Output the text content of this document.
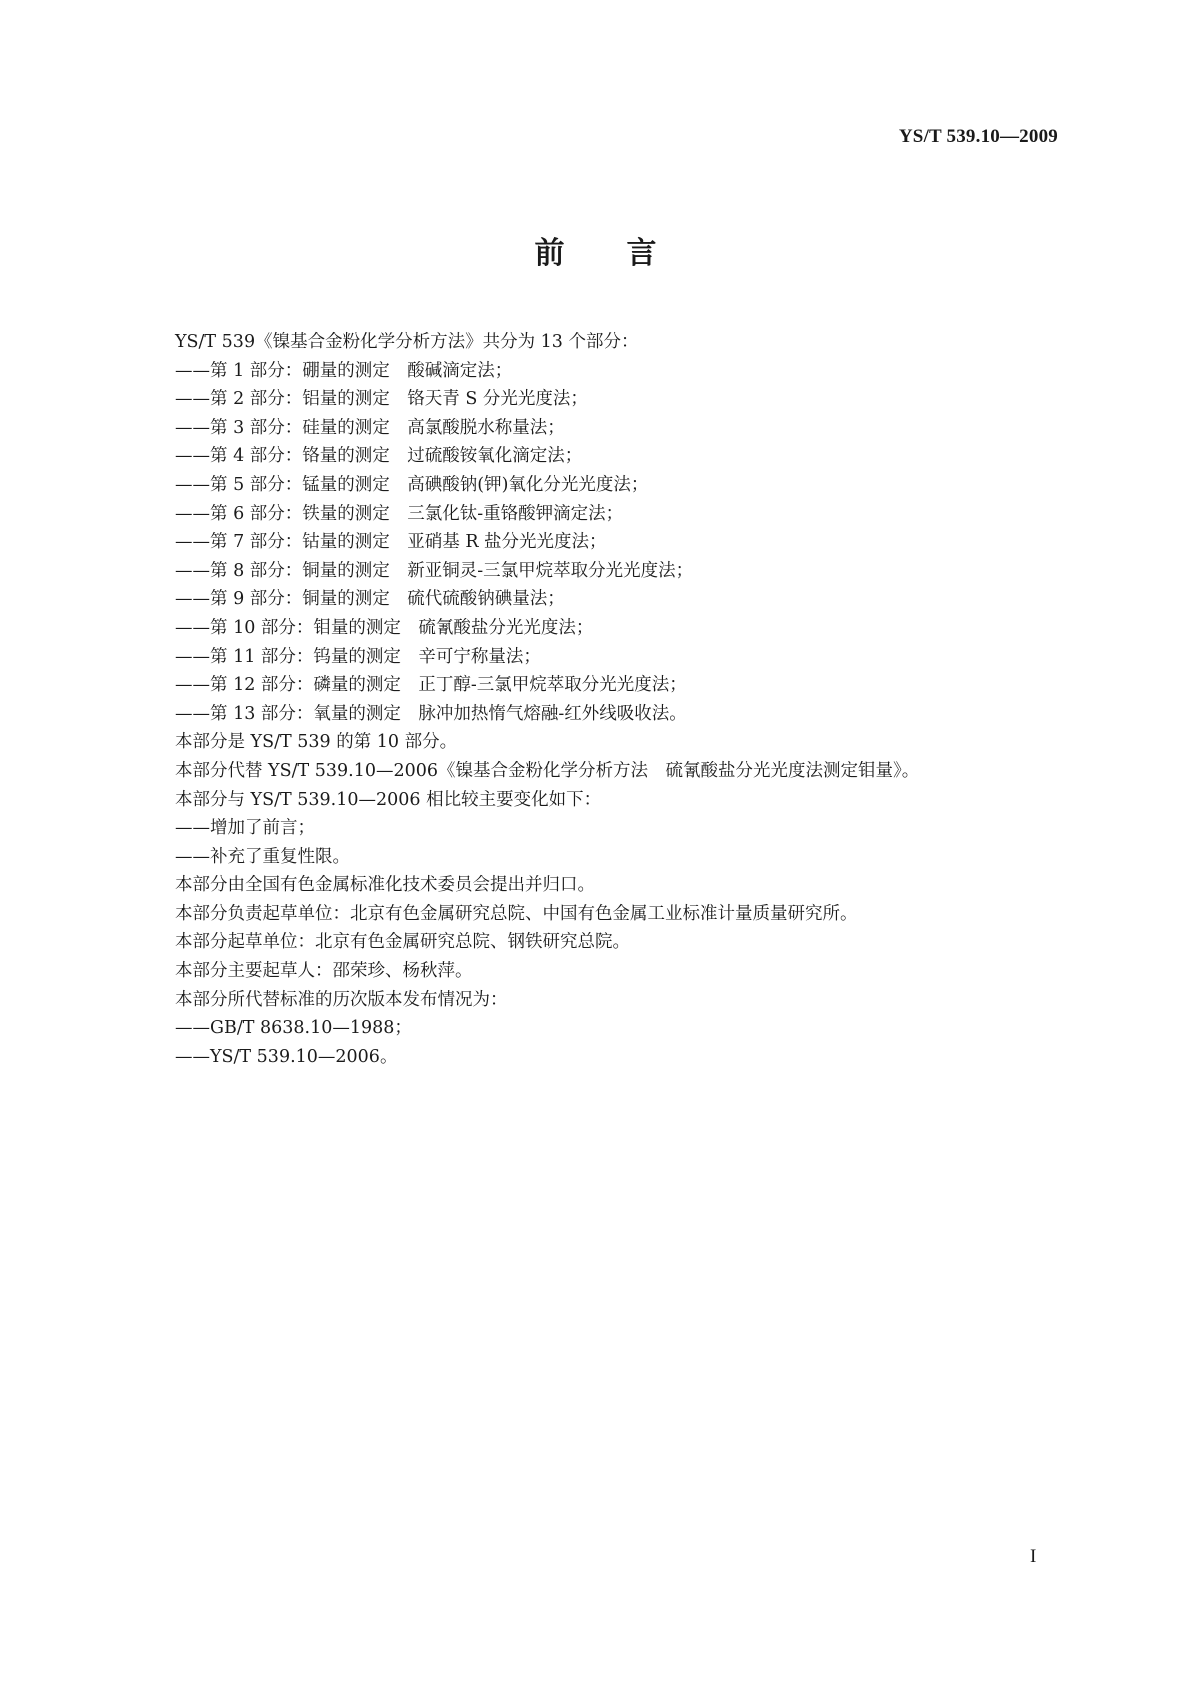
YS/T 539.10—2009
前 言
YS/T 539《镍基合金粉化学分析方法》共分为 13 个部分：
——第 1 部分：硼量的测定　酸碱滴定法；
——第 2 部分：铝量的测定　铬天青 S 分光光度法；
——第 3 部分：硅量的测定　高氯酸脱水称量法；
——第 4 部分：铬量的测定　过硫酸铵氧化滴定法；
——第 5 部分：锰量的测定　高碘酸钠(钾)氧化分光光度法；
——第 6 部分：铁量的测定　三氯化钛-重铬酸钾滴定法；
——第 7 部分：钴量的测定　亚硝基 R 盐分光光度法；
——第 8 部分：铜量的测定　新亚铜灵-三氯甲烷萃取分光光度法；
——第 9 部分：铜量的测定　硫代硫酸钠碘量法；
——第 10 部分：钼量的测定　硫氰酸盐分光光度法；
——第 11 部分：钨量的测定　辛可宁称量法；
——第 12 部分：磷量的测定　正丁醇-三氯甲烷萃取分光光度法；
——第 13 部分：氧量的测定　脉冲加热惰气熔融-红外线吸收法。
本部分是 YS/T 539 的第 10 部分。
本部分代替 YS/T 539.10—2006《镍基合金粉化学分析方法　硫氰酸盐分光光度法测定钼量》。
本部分与 YS/T 539.10—2006 相比较主要变化如下：
——增加了前言；
——补充了重复性限。
本部分由全国有色金属标准化技术委员会提出并归口。
本部分负责起草单位：北京有色金属研究总院、中国有色金属工业标准计量质量研究所。
本部分起草单位：北京有色金属研究总院、钢铁研究总院。
本部分主要起草人：邵荣珍、杨秋萍。
本部分所代替标准的历次版本发布情况为：
——GB/T 8638.10—1988；
——YS/T 539.10—2006。
I
